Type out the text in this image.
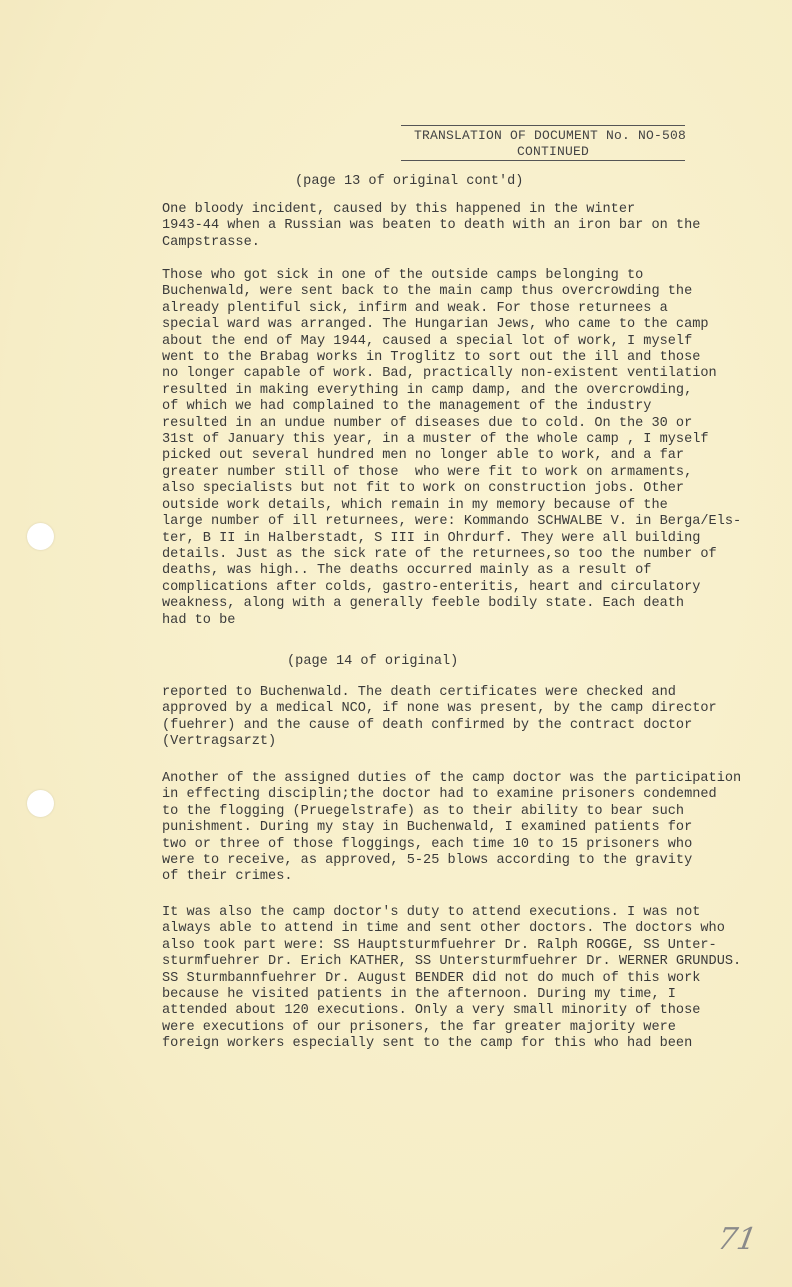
TRANSLATION OF DOCUMENT No. NO-508
CONTINUED
(page 13 of original cont'd)
One bloody incident, caused by this happened in the winter
1943-44 when a Russian was beaten to death with an iron bar on the
Campstrasse.
Those who got sick in one of the outside camps belonging to
Buchenwald, were sent back to the main camp thus overcrowding the
already plentiful sick, infirm and weak. For those returnees a
special ward was arranged. The Hungarian Jews, who came to the camp
about the end of May 1944, caused a special lot of work, I myself
went to the Brabag works in Troglitz to sort out the ill and those
no longer capable of work. Bad, practically non-existent ventilation
resulted in making everything in camp damp, and the overcrowding,
of which we had complained to the management of the industry
resulted in an undue number of diseases due to cold. On the 30 or
31st of January this year, in a muster of the whole camp , I myself
picked out several hundred men no longer able to work, and a far
greater number still of those  who were fit to work on armaments,
also specialists but not fit to work on construction jobs. Other
outside work details, which remain in my memory because of the
large number of ill returnees, were: Kommando SCHWALBE V. in Berga/Els-
ter, B II in Halberstadt, S III in Ohrdurf. They were all building
details. Just as the sick rate of the returnees,so too the number of
deaths, was high.. The deaths occurred mainly as a result of
complications after colds, gastro-enteritis, heart and circulatory
weakness, along with a generally feeble bodily state. Each death
had to be
(page 14 of original)
reported to Buchenwald. The death certificates were checked and
approved by a medical NCO, if none was present, by the camp director
(fuehrer) and the cause of death confirmed by the contract doctor
(Vertragsarzt)
Another of the assigned duties of the camp doctor was the participation
in effecting disciplin;the doctor had to examine prisoners condemned
to the flogging (Pruegelstrafe) as to their ability to bear such
punishment. During my stay in Buchenwald, I examined patients for
two or three of those floggings, each time 10 to 15 prisoners who
were to receive, as approved, 5-25 blows according to the gravity
of their crimes.
It was also the camp doctor's duty to attend executions. I was not
always able to attend in time and sent other doctors. The doctors who
also took part were: SS Hauptsturmfuehrer Dr. Ralph ROGGE, SS Unter-
sturmfuehrer Dr. Erich KATHER, SS Untersturmfuehrer Dr. WERNER GRUNDUS.
SS Sturmbannfuehrer Dr. August BENDER did not do much of this work
because he visited patients in the afternoon. During my time, I
attended about 120 executions. Only a very small minority of those
were executions of our prisoners, the far greater majority were
foreign workers especially sent to the camp for this who had been
71
